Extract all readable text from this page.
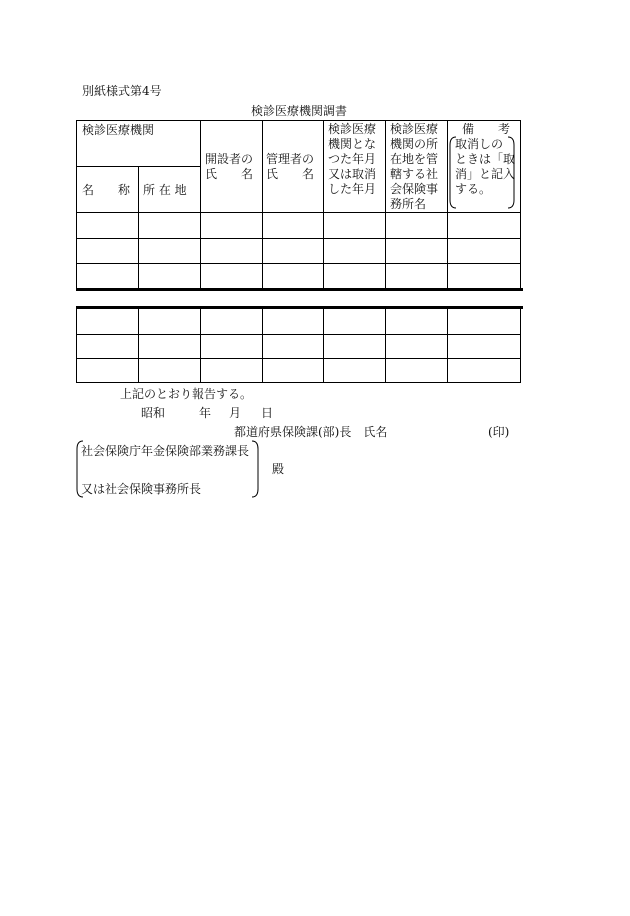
別紙様式第4号
検診医療機関調書
検診医療機関
名　　称 所 在 地
開設者の
氏　　名
管理者の
氏　　名
検診医療
機関とな
つた年月
又は取消
した年月
検診医療
機関の所
在地を管
轄する社
会保険事
務所名
備　　考
取消しの
ときは「取
消」と記入
する。
上記のとおり報告する。
昭和	年 月 日
都道府県保険課(部)長　氏名	(印)
社会保険庁年金保険部業務課長
又は社会保険事務所長
殿
